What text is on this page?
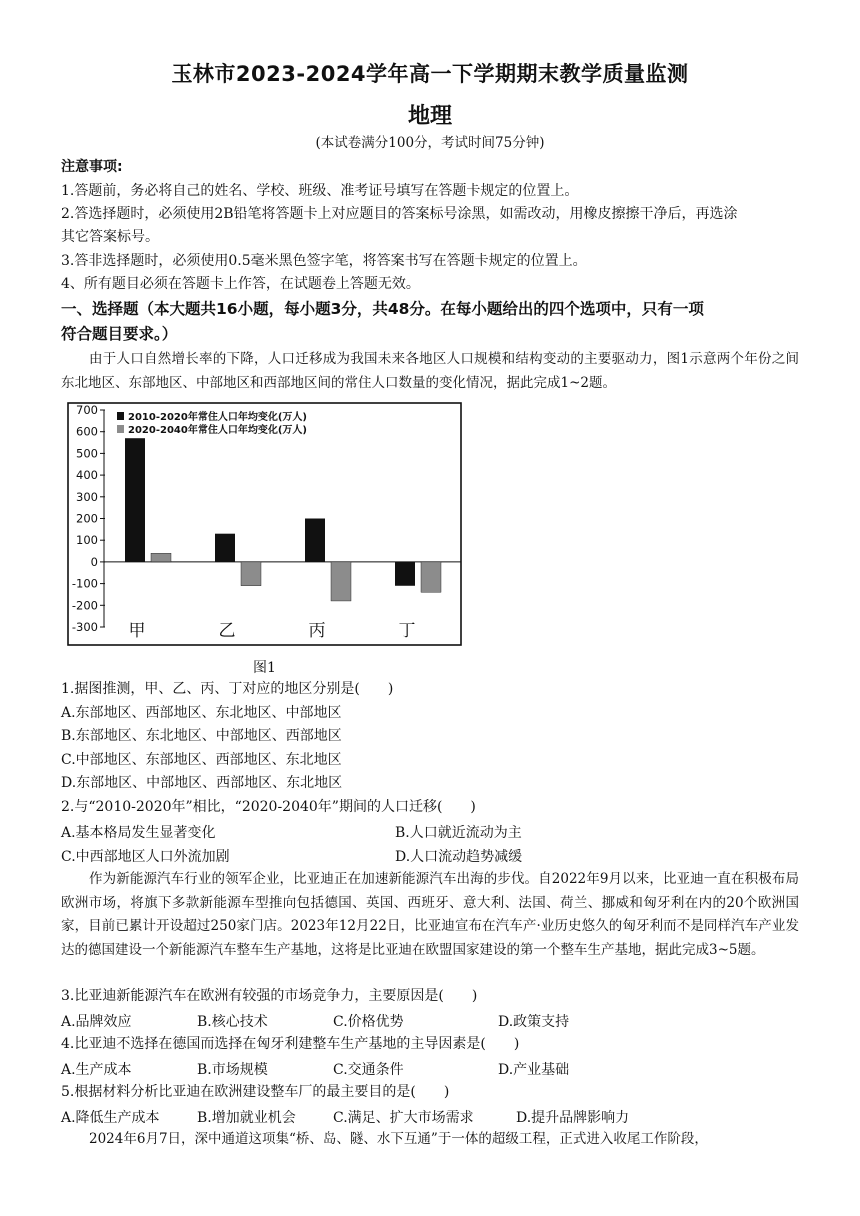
玉林市2023-2024学年高一下学期期末教学质量监测
地理
(本试卷满分100分，考试时间75分钟)
注意事项:
1.答题前，务必将自己的姓名、学校、班级、准考证号填写在答题卡规定的位置上。
2.答选择题时，必须使用2B铅笔将答题卡上对应题目的答案标号涂黑，如需改动，用橡皮擦擦干净后，再选涂
其它答案标号。
3.答非选择题时，必须使用0.5毫米黑色签字笔，将答案书写在答题卡规定的位置上。
4、所有题目必须在答题卡上作答，在试题卷上答题无效。
一、选择题（本大题共16小题，每小题3分，共48分。在每小题给出的四个选项中，只有一项
符合题目要求。）
由于人口自然增长率的下降，人口迁移成为我国未来各地区人口规模和结构变动的主要驱动力，图1示意两个年份之间东北地区、东部地区、中部地区和西部地区间的常住人口数量的变化情况，据此完成1~2题。
700
600
500
400
300
200
100
0
-100
-200
-300 甲	乙	丙	丁
2010-2020年常住人口年均变化(万人)
2020-2040年常住人口年均变化(万人)
图1
1.据图推测，甲、乙、丙、丁对应的地区分别是(　　)
A.东部地区、西部地区、东北地区、中部地区
B.东部地区、东北地区、中部地区、西部地区
C.中部地区、东部地区、西部地区、东北地区
D.东部地区、中部地区、西部地区、东北地区
2.与“2010-2020年”相比，“2020-2040年”期间的人口迁移(　　)
A.基本格局发生显著变化	B.人口就近流动为主
C.中西部地区人口外流加剧	D.人口流动趋势减缓
作为新能源汽车行业的领军企业，比亚迪正在加速新能源汽车出海的步伐。自2022年9月以来，比亚迪一直在积极布局欧洲市场，将旗下多款新能源车型推向包括德国、英国、西班牙、意大利、法国、荷兰、挪威和匈牙利在内的20个欧洲国家，目前已累计开设超过250家门店。2023年12月22日，比亚迪宣布在汽车产·业历史悠久的匈牙利而不是同样汽车产业发达的德国建设一个新能源汽车整车生产基地，这将是比亚迪在欧盟国家建设的第一个整车生产基地，据此完成3~5题。
3.比亚迪新能源汽车在欧洲有较强的市场竞争力，主要原因是(　　)
A.品牌效应	B.核心技术	C.价格优势	D.政策支持
4.比亚迪不选择在德国而选择在匈牙利建整车生产基地的主导因素是(　　)
A.生产成本	B.市场规模	C.交通条件	D.产业基础
5.根据材料分析比亚迪在欧洲建设整车厂的最主要目的是(　　)
A.降低生产成本	B.增加就业机会	C.满足、扩大市场需求	D.提升品牌影响力
2024年6月7日，深中通道这项集“桥、岛、隧、水下互通”于一体的超级工程，正式进入收尾工作阶段，
